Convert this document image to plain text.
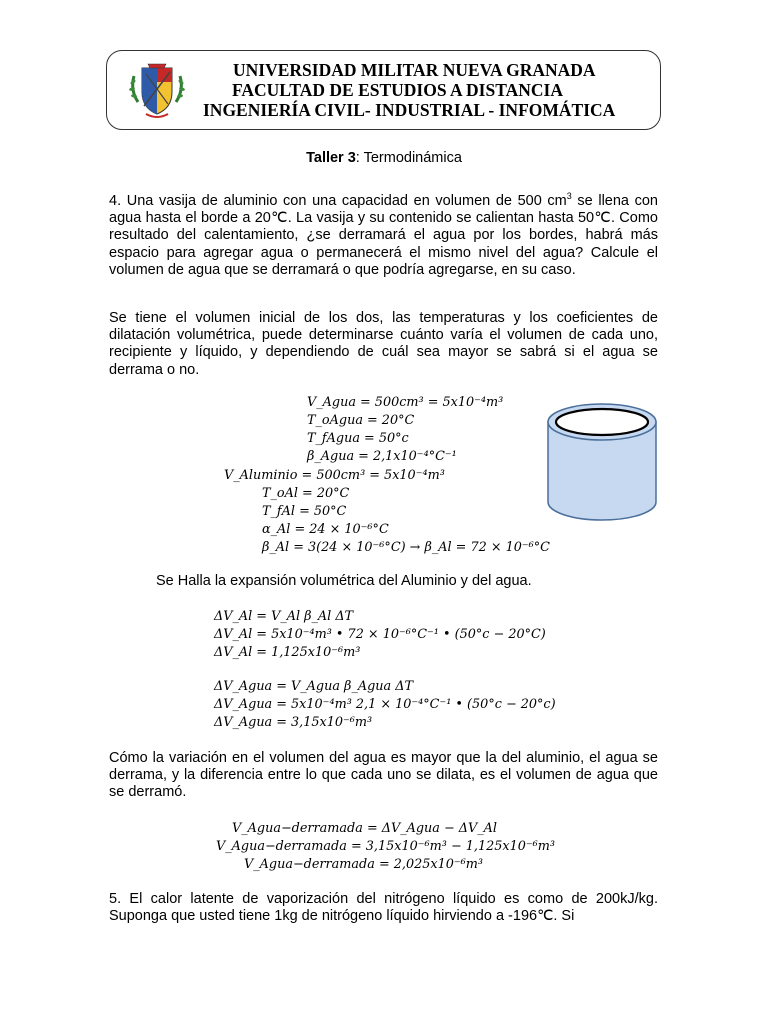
UNIVERSIDAD MILITAR NUEVA GRANADA
FACULTAD DE ESTUDIOS A DISTANCIA
INGENIERÍA CIVIL- INDUSTRIAL - INFOMÁTICA
Taller 3: Termodinámica
4. Una vasija de aluminio con una capacidad en volumen de 500 $cm^3$ se llena con agua hasta el borde a 20℃. La vasija y su contenido se calientan hasta 50℃. Como resultado del calentamiento, ¿se derramará el agua por los bordes, habrá más espacio para agregar agua o permanecerá el mismo nivel del agua? Calcule el volumen de agua que se derramará o que podría agregarse, en su caso.
Se tiene el volumen inicial de los dos, las temperaturas y los coeficientes de dilatación volumétrica, puede determinarse cuánto varía el volumen de cada uno, recipiente y líquido, y dependiendo de cuál sea mayor se sabrá si el agua se derrama o no.
V_Agua = 500cm³ = 5x10⁻⁴m³
T_oAgua = 20°C
T_fAgua = 50°c
β_Agua = 2,1x10⁻⁴°C⁻¹
V_Aluminio = 500cm³ = 5x10⁻⁴m³
T_oAl = 20°C
T_fAl = 50°C
α_Al = 24 × 10⁻⁶°C
β_Al = 3(24 × 10⁻⁶°C) → β_Al = 72 × 10⁻⁶°C
Se Halla la expansión volumétrica del Aluminio y del agua.
ΔV_Al = V_Al β_Al ΔT
ΔV_Al = 5x10⁻⁴m³ • 72 × 10⁻⁶°C⁻¹ • (50°c − 20°C)
ΔV_Al = 1,125x10⁻⁶m³
ΔV_Agua = V_Agua β_Agua ΔT
ΔV_Agua = 5x10⁻⁴m³ 2,1 × 10⁻⁴°C⁻¹ • (50°c − 20°c)
ΔV_Agua = 3,15x10⁻⁶m³
Cómo la variación en el volumen del agua es mayor que la del aluminio, el agua se derrama, y la diferencia entre lo que cada uno se dilata, es el volumen de agua que se derramó.
V_Agua−derramada = ΔV_Agua − ΔV_Al
V_Agua−derramada = 3,15x10⁻⁶m³ − 1,125x10⁻⁶m³
V_Agua−derramada = 2,025x10⁻⁶m³
5. El calor latente de vaporización del nitrógeno líquido es como de 200kJ/kg. Suponga que usted tiene 1kg de nitrógeno líquido hirviendo a -196℃. Si
